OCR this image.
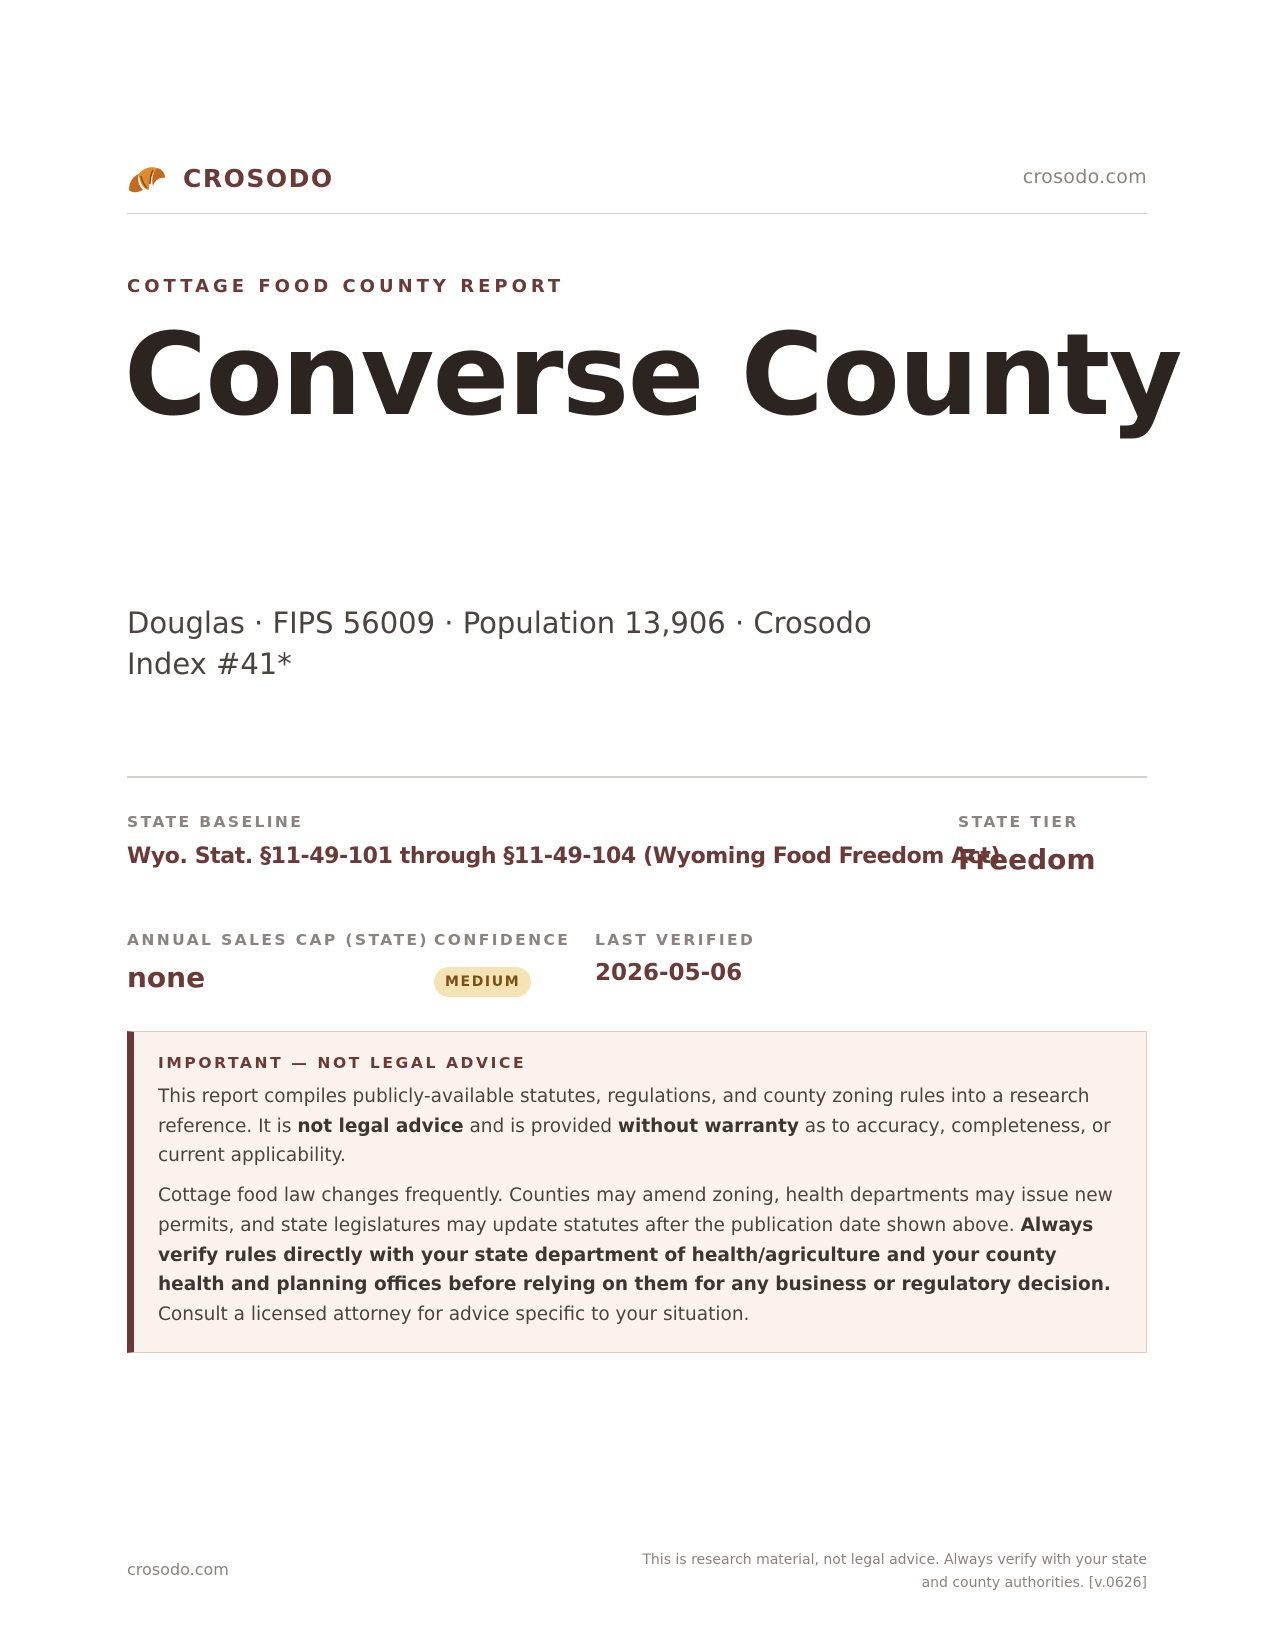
CROSODO	crosodo.com
COTTAGE FOOD COUNTY REPORT
Converse County
Douglas · FIPS 56009 · Population 13,906 · Crosodo Index #41*
STATE BASELINE
Wyo. Stat. §11-49-101 through §11-49-104 (Wyoming Food Freedom Act)
STATE TIER
Freedom
ANNUAL SALES CAP (STATE)
none
CONFIDENCE
MEDIUM
LAST VERIFIED
2026-05-06
IMPORTANT — NOT LEGAL ADVICE

This report compiles publicly-available statutes, regulations, and county zoning rules into a research reference. It is not legal advice and is provided without warranty as to accuracy, completeness, or current applicability.

Cottage food law changes frequently. Counties may amend zoning, health departments may issue new permits, and state legislatures may update statutes after the publication date shown above. Always verify rules directly with your state department of health/agriculture and your county health and planning offices before relying on them for any business or regulatory decision. Consult a licensed attorney for advice specific to your situation.

crosodo.com	This is research material, not legal advice. Always verify with your state
and county authorities. [v.0626]
